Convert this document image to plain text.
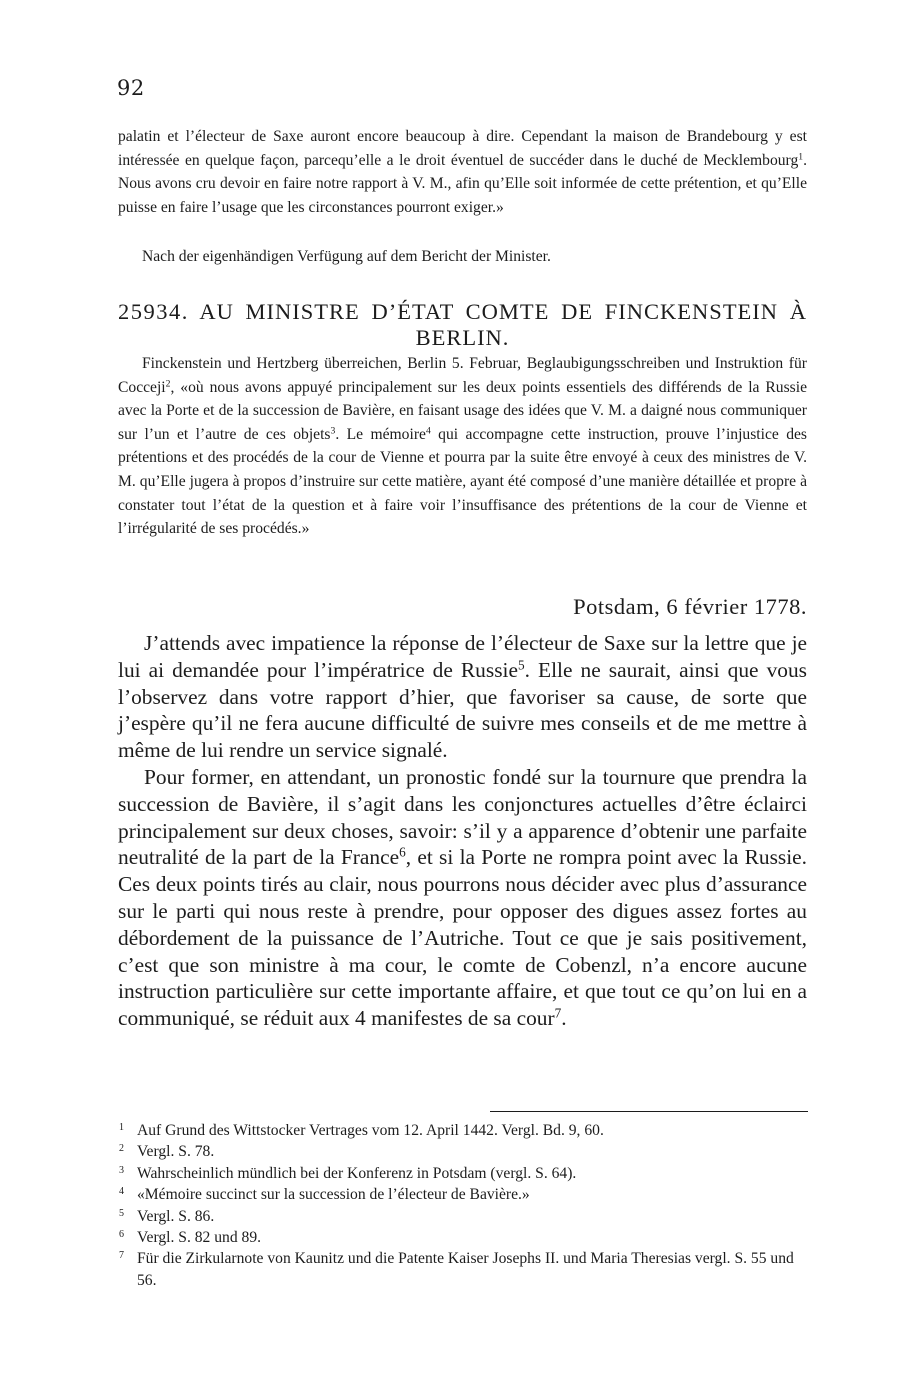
92
palatin et l’électeur de Saxe auront encore beaucoup à dire. Cependant la maison de Brandebourg y est intéressée en quelque façon, parcequ’elle a le droit éventuel de succéder dans le duché de Mecklembourg$^1$. Nous avons cru devoir en faire notre rapport à V. M., afin qu’Elle soit informée de cette prétention, et qu’Elle puisse en faire l’usage que les circonstances pourront exiger.»

Nach der eigenhändigen Verfügung auf dem Bericht der Minister.

25934. AU MINISTRE D’ÉTAT COMTE DE FINCKENSTEIN À BERLIN.
Finckenstein und Hertzberg überreichen, Berlin 5. Februar, Beglaubigungsschreiben und Instruktion für Cocceji$^2$, «où nous avons appuyé principalement sur les deux points essentiels des différends de la Russie avec la Porte et de la succession de Bavière, en faisant usage des idées que V. M. a daigné nous communiquer sur l’un et l’autre de ces objets$^3$. Le mémoire$^4$ qui accompagne cette instruction, prouve l’injustice des prétentions et des procédés de la cour de Vienne et pourra par la suite être envoyé à ceux des ministres de V. M. qu’Elle jugera à propos d’instruire sur cette matière, ayant été composé d’une manière détaillée et propre à constater tout l’état de la question et à faire voir l’insuffisance des prétentions de la cour de Vienne et l’irrégularité de ses procédés.»
Potsdam, 6 février 1778.

J’attends avec impatience la réponse de l’électeur de Saxe sur la lettre que je lui ai demandée pour l’impératrice de Russie$^5$. Elle ne saurait, ainsi que vous l’observez dans votre rapport d’hier, que favoriser sa cause, de sorte que j’espère qu’il ne fera aucune difficulté de suivre mes conseils et de me mettre à même de lui rendre un service signalé.

Pour former, en attendant, un pronostic fondé sur la tournure que prendra la succession de Bavière, il s’agit dans les conjonctures actuelles d’être éclairci principalement sur deux choses, savoir: s’il y a apparence d’obtenir une parfaite neutralité de la part de la France$^6$, et si la Porte ne rompra point avec la Russie. Ces deux points tirés au clair, nous pourrons nous décider avec plus d’assurance sur le parti qui nous reste à prendre, pour opposer des digues assez fortes au débordement de la puissance de l’Autriche. Tout ce que je sais positivement, c’est que son ministre à ma cour, le comte de Cobenzl, n’a encore aucune instruction particulière sur cette importante affaire, et que tout ce qu’on lui en a communiqué, se réduit aux 4 manifestes de sa cour$^7$.

1 Auf Grund des Wittstocker Vertrages vom 12. April 1442. Vergl. Bd. 9, 60.
2 Vergl. S. 78.
3 Wahrscheinlich mündlich bei der Konferenz in Potsdam (vergl. S. 64).
4 «Mémoire succinct sur la succession de l’électeur de Bavière.»
5 Vergl. S. 86.
6 Vergl. S. 82 und 89.
7 Für die Zirkularnote von Kaunitz und die Patente Kaiser Josephs II. und Maria Theresias vergl. S. 55 und 56.
